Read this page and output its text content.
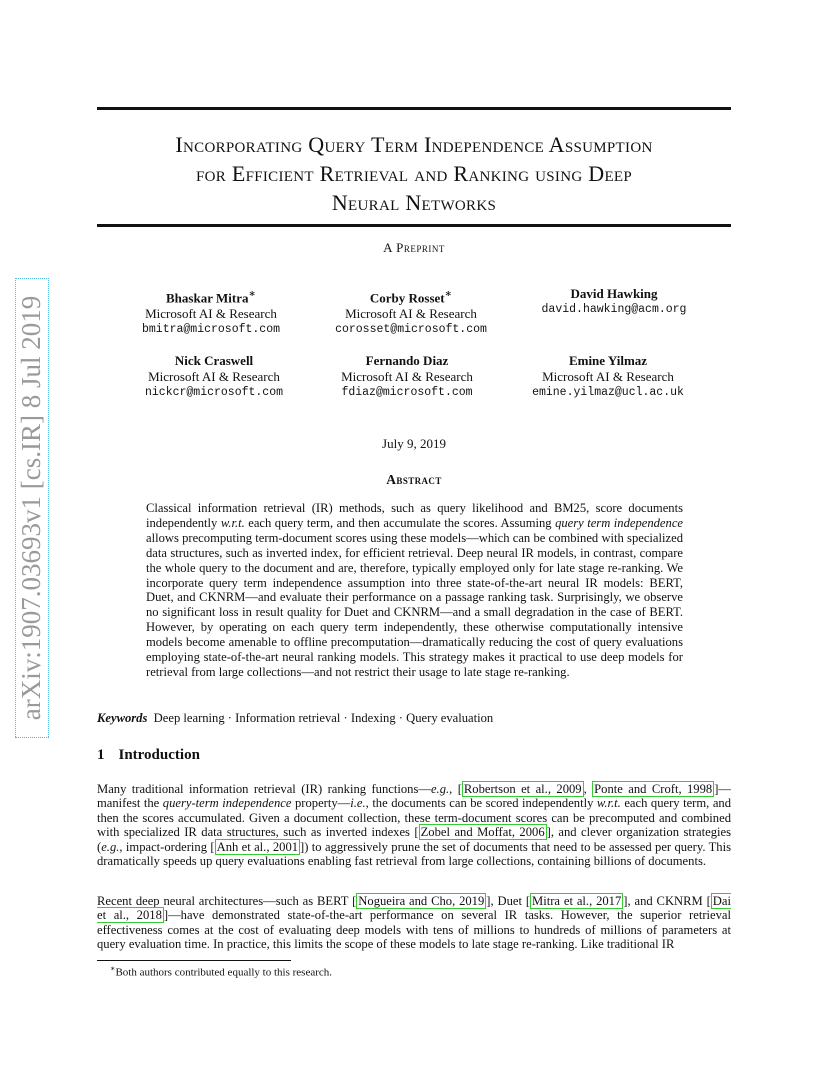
arXiv:1907.03693v1 [cs.IR] 8 Jul 2019
Incorporating Query Term Independence Assumption
for Efficient Retrieval and Ranking using Deep
Neural Networks
A Preprint
Bhaskar Mitra∗
Microsoft AI & Research
bmitra@microsoft.com
Corby Rosset∗
Microsoft AI & Research
corosset@microsoft.com
David Hawking
david.hawking@acm.org
Nick Craswell
Microsoft AI & Research
nickcr@microsoft.com
Fernando Diaz
Microsoft AI & Research
fdiaz@microsoft.com
Emine Yilmaz
Microsoft AI & Research
emine.yilmaz@ucl.ac.uk
July 9, 2019
Abstract
Classical information retrieval (IR) methods, such as query likelihood and BM25, score documents independently w.r.t. each query term, and then accumulate the scores. Assuming query term independence allows precomputing term-document scores using these models—which can be combined with specialized data structures, such as inverted index, for efficient retrieval. Deep neural IR models, in contrast, compare the whole query to the document and are, therefore, typically employed only for late stage re-ranking. We incorporate query term independence assumption into three state-of-the-art neural IR models: BERT, Duet, and CKNRM—and evaluate their performance on a passage ranking task. Surprisingly, we observe no significant loss in result quality for Duet and CKNRM—and a small degradation in the case of BERT. However, by operating on each query term independently, these otherwise computationally intensive models become amenable to offline precomputation—dramatically reducing the cost of query evaluations employing state-of-the-art neural ranking models. This strategy makes it practical to use deep models for retrieval from large collections—and not restrict their usage to late stage re-ranking.
Keywords Deep learning · Information retrieval · Indexing · Query evaluation
1 Introduction
Many traditional information retrieval (IR) ranking functions—e.g., [ Robertson et al., 2009 , Ponte and Croft, 1998 ]—manifest the query-term independence property—i.e., the documents can be scored independently w.r.t. each query term, and then the scores accumulated. Given a document collection, these term-document scores can be precomputed and combined with specialized IR data structures, such as inverted indexes [ Zobel and Moffat, 2006 ], and clever organization strategies (e.g., impact-ordering [ Anh et al., 2001 ]) to aggressively prune the set of documents that need to be assessed per query. This dramatically speeds up query evaluations enabling fast retrieval from large collections, containing billions of documents.
Recent deep neural architectures—such as BERT [ Nogueira and Cho, 2019 ], Duet [ Mitra et al., 2017 ], and CKNRM [ Dai et al., 2018 ]—have demonstrated state-of-the-art performance on several IR tasks. However, the superior retrieval effectiveness comes at the cost of evaluating deep models with tens of millions to hundreds of millions of parameters at query evaluation time. In practice, this limits the scope of these models to late stage re-ranking. Like traditional IR
∗Both authors contributed equally to this research.
